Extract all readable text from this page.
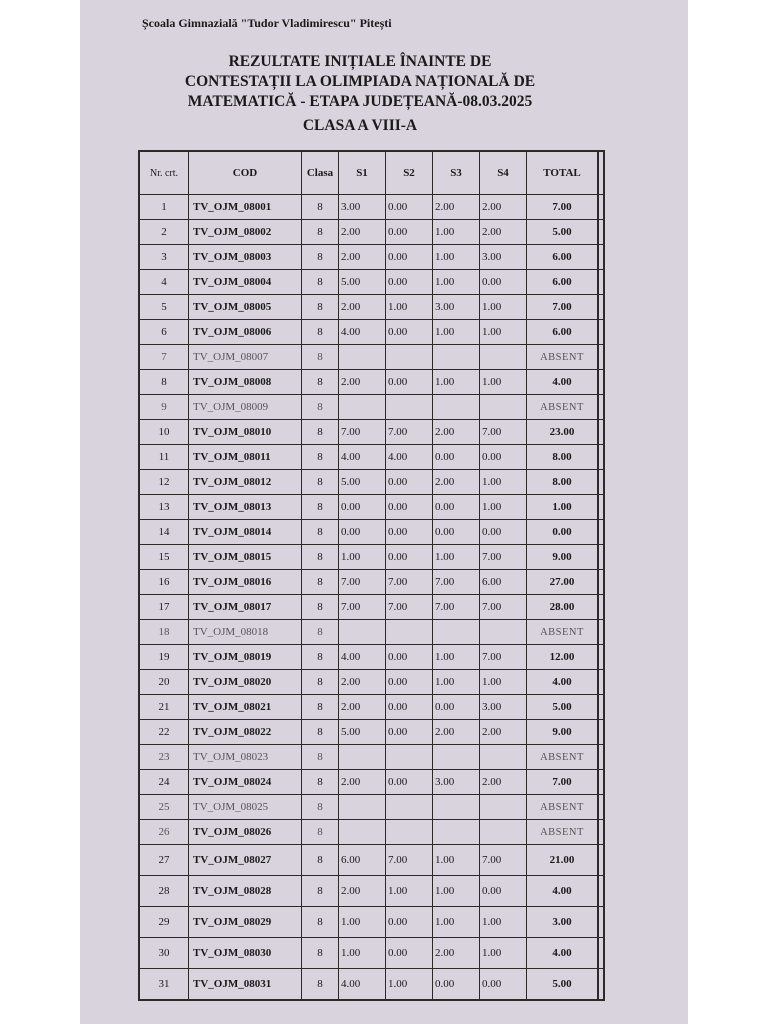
Școala Gimnazială "Tudor Vladimirescu" Pitești
REZULTATE INIȚIALE ÎNAINTE DE
CONTESTAȚII LA OLIMPIADA NAȚIONALĂ DE
MATEMATICĂ - ETAPA JUDEȚEANĂ-08.03.2025
CLASA A VIII-A
Nr. crt.	COD	Clasa	S1	S2	S3	S4	TOTAL	
1	TV_OJM_08001	8	3.00	0.00	2.00	2.00	7.00	
2	TV_OJM_08002	8	2.00	0.00	1.00	2.00	5.00	
3	TV_OJM_08003	8	2.00	0.00	1.00	3.00	6.00	
4	TV_OJM_08004	8	5.00	0.00	1.00	0.00	6.00	
5	TV_OJM_08005	8	2.00	1.00	3.00	1.00	7.00	
6	TV_OJM_08006	8	4.00	0.00	1.00	1.00	6.00	
7	TV_OJM_08007	8					ABSENT	
8	TV_OJM_08008	8	2.00	0.00	1.00	1.00	4.00	
9	TV_OJM_08009	8					ABSENT	
10	TV_OJM_08010	8	7.00	7.00	2.00	7.00	23.00	
11	TV_OJM_08011	8	4.00	4.00	0.00	0.00	8.00	
12	TV_OJM_08012	8	5.00	0.00	2.00	1.00	8.00	
13	TV_OJM_08013	8	0.00	0.00	0.00	1.00	1.00	
14	TV_OJM_08014	8	0.00	0.00	0.00	0.00	0.00	
15	TV_OJM_08015	8	1.00	0.00	1.00	7.00	9.00	
16	TV_OJM_08016	8	7.00	7.00	7.00	6.00	27.00	
17	TV_OJM_08017	8	7.00	7.00	7.00	7.00	28.00	
18	TV_OJM_08018	8					ABSENT	
19	TV_OJM_08019	8	4.00	0.00	1.00	7.00	12.00	
20	TV_OJM_08020	8	2.00	0.00	1.00	1.00	4.00	
21	TV_OJM_08021	8	2.00	0.00	0.00	3.00	5.00	
22	TV_OJM_08022	8	5.00	0.00	2.00	2.00	9.00	
23	TV_OJM_08023	8					ABSENT	
24	TV_OJM_08024	8	2.00	0.00	3.00	2.00	7.00	
25	TV_OJM_08025	8					ABSENT	
26	TV_OJM_08026	8					ABSENT	
27	TV_OJM_08027	8	6.00	7.00	1.00	7.00	21.00	
28	TV_OJM_08028	8	2.00	1.00	1.00	0.00	4.00	
29	TV_OJM_08029	8	1.00	0.00	1.00	1.00	3.00	
30	TV_OJM_08030	8	1.00	0.00	2.00	1.00	4.00	
31	TV_OJM_08031	8	4.00	1.00	0.00	0.00	5.00	
